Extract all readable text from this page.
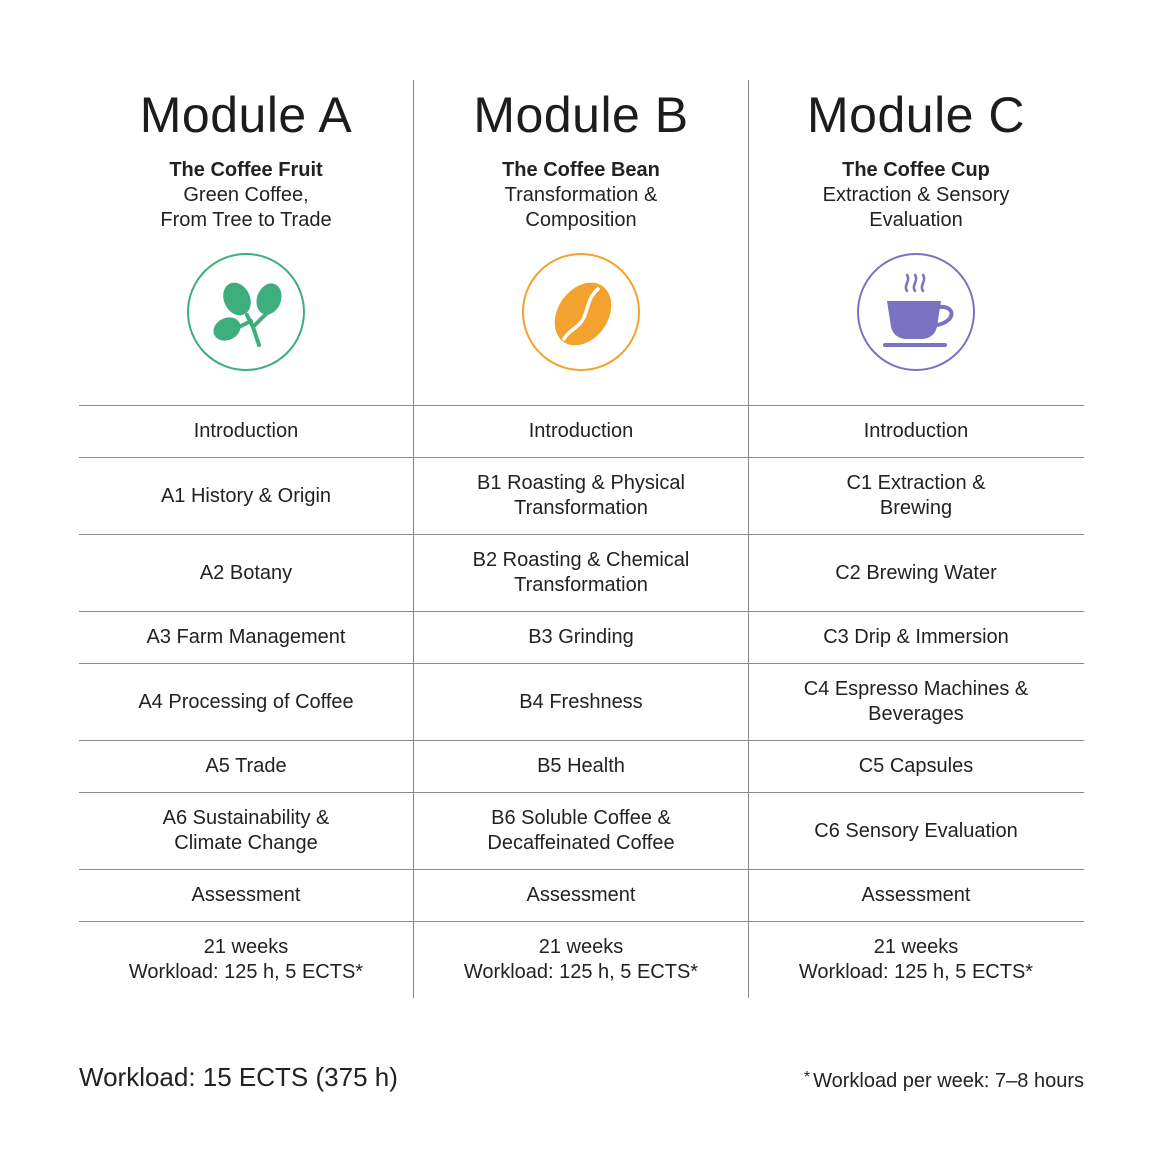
Module A
The Coffee Fruit
Green Coffee,
From Tree to Trade
Module B
The Coffee Bean
Transformation &
Composition
Module C
The Coffee Cup
Extraction & Sensory
Evaluation
Introduction
A1 History & Origin
A2 Botany
A3 Farm Management
A4 Processing of Coffee
A5 Trade
A6 Sustainability &
Climate Change
Assessment
21 weeks
Workload: 125 h, 5 ECTS*
Introduction
B1 Roasting & Physical
Transformation
B2 Roasting & Chemical
Transformation
B3 Grinding
B4 Freshness
B5 Health
B6 Soluble Coffee &
Decaffeinated Coffee
Assessment
21 weeks
Workload: 125 h, 5 ECTS*
Introduction
C1 Extraction &
Brewing
C2 Brewing Water
C3 Drip & Immersion
C4 Espresso Machines &
Beverages
C5 Capsules
C6 Sensory Evaluation
Assessment
21 weeks
Workload: 125 h, 5 ECTS*
Workload: 15 ECTS (375 h)	* Workload per week: 7–8 hours
